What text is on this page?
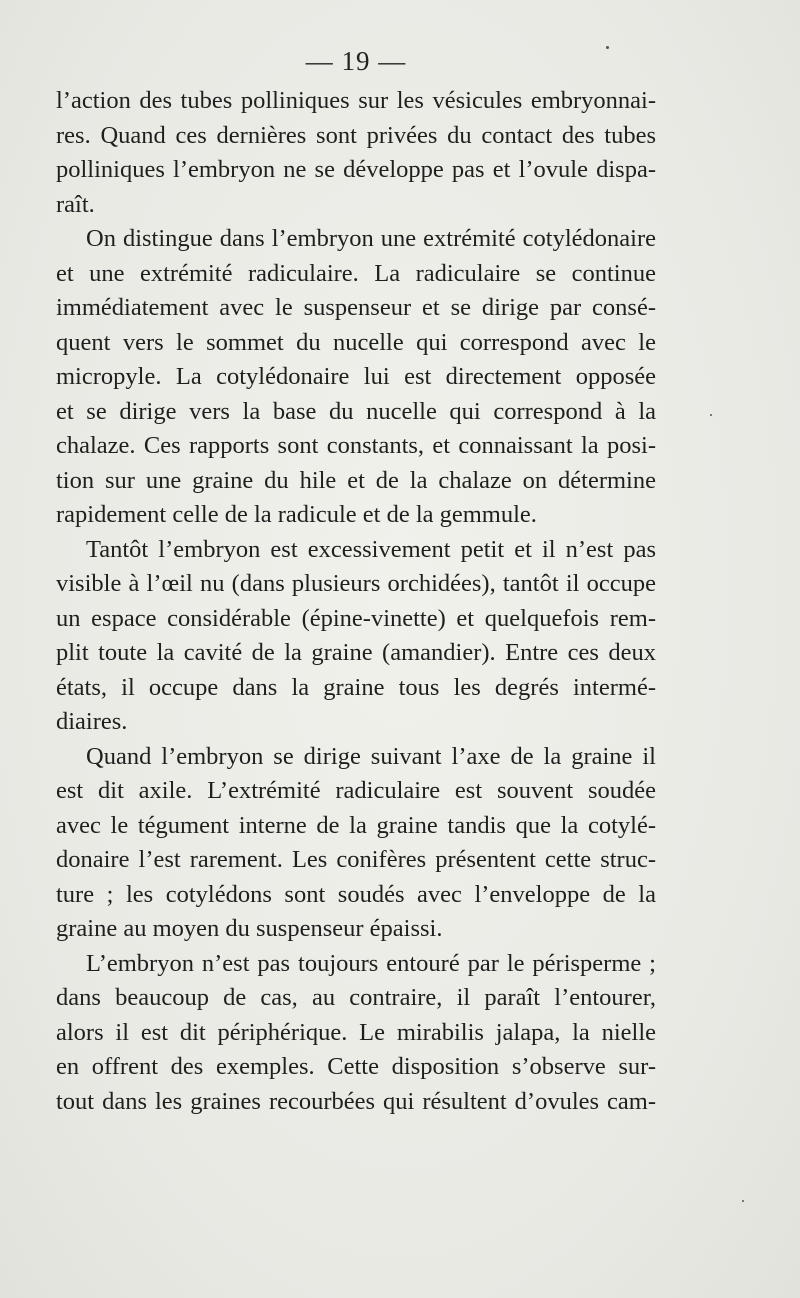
— 19 —

l’action des tubes polliniques sur les vésicules embryonnai-
res. Quand ces dernières sont privées du contact des tubes
polliniques l’embryon ne se développe pas et l’ovule dispa-
raît.

On distingue dans l’embryon une extrémité cotylédonaire
et une extrémité radiculaire. La radiculaire se continue
immédiatement avec le suspenseur et se dirige par consé-
quent vers le sommet du nucelle qui correspond avec le
micropyle. La cotylédonaire lui est directement opposée
et se dirige vers la base du nucelle qui correspond à la
chalaze. Ces rapports sont constants, et connaissant la posi-
tion sur une graine du hile et de la chalaze on détermine
rapidement celle de la radicule et de la gemmule.

Tantôt l’embryon est excessivement petit et il n’est pas
visible à l’œil nu (dans plusieurs orchidées), tantôt il occupe
un espace considérable (épine-vinette) et quelquefois rem-
plit toute la cavité de la graine (amandier). Entre ces deux
états, il occupe dans la graine tous les degrés intermé-
diaires.

Quand l’embryon se dirige suivant l’axe de la graine il
est dit axile. L’extrémité radiculaire est souvent soudée
avec le tégument interne de la graine tandis que la cotylé-
donaire l’est rarement. Les conifères présentent cette struc-
ture ; les cotylédons sont soudés avec l’enveloppe de la
graine au moyen du suspenseur épaissi.

L’embryon n’est pas toujours entouré par le périsperme ;
dans beaucoup de cas, au contraire, il paraît l’entourer,
alors il est dit périphérique. Le mirabilis jalapa, la nielle
en offrent des exemples. Cette disposition s’observe sur-
tout dans les graines recourbées qui résultent d’ovules cam-
